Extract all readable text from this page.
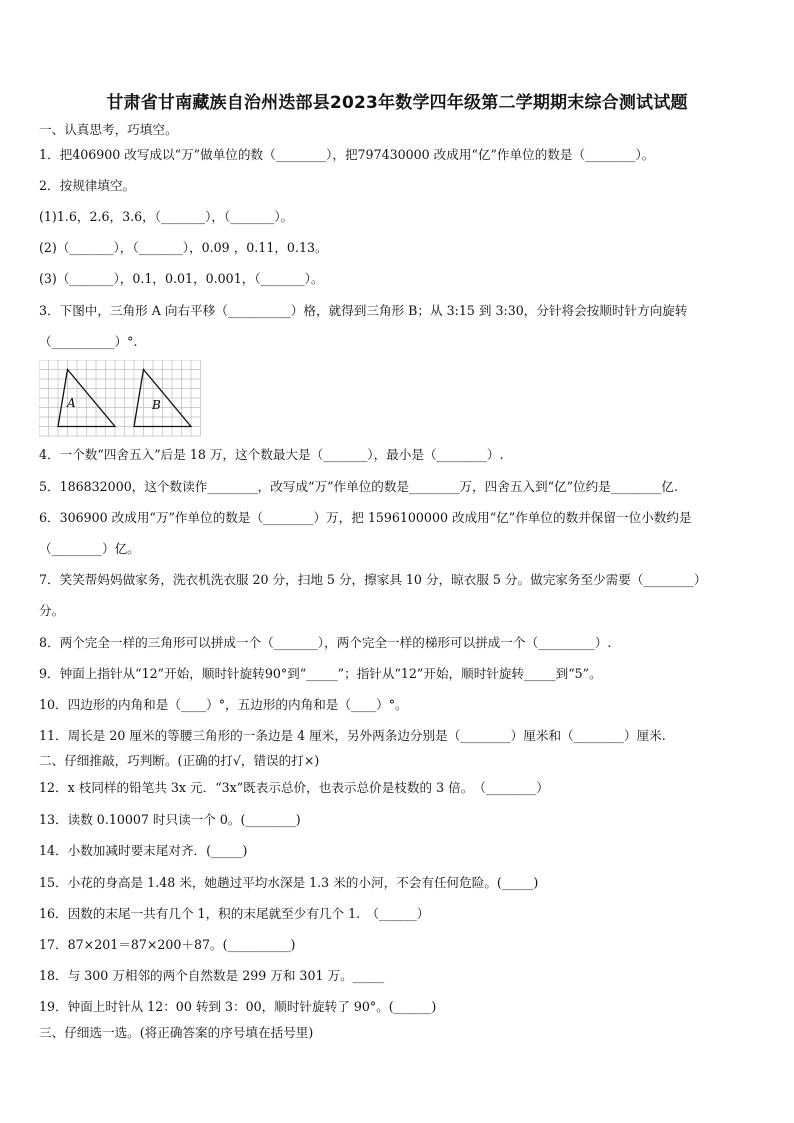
甘肃省甘南藏族自治州迭部县2023年数学四年级第二学期期末综合测试试题
一、认真思考，巧填空。
1．把406900 改写成以“万”做单位的数（________），把797430000 改成用“亿”作单位的数是（________）。
2．按规律填空。
(1)1.6，2.6，3.6，（_______），（_______）。
(2)（_______），（_______），0.09 ，0.11，0.13。
(3)（_______），0.1，0.01，0.001，（_______）。
3．下图中，三角形 A 向右平移（__________）格，就得到三角形 B；从 3:15 到 3:30，分针将会按顺时针方向旋转
（__________）°.
A	B
4．一个数“四舍五入”后是 18 万，这个数最大是（_______），最小是（________）.
5．186832000，这个数读作________，改写成“万”作单位的数是________万，四舍五入到“亿”位约是________亿.
6．306900 改成用“万”作单位的数是（________）万，把 1596100000 改成用“亿”作单位的数并保留一位小数约是
（________）亿。
7．笑笑帮妈妈做家务，洗衣机洗衣服 20 分，扫地 5 分，擦家具 10 分，晾衣服 5 分。做完家务至少需要（________）
分。
8．两个完全一样的三角形可以拼成一个（_______），两个完全一样的梯形可以拼成一个（_________）.
9．钟面上指针从“12”开始，顺时针旋转90°到“_____”；指针从“12”开始，顺时针旋转_____到“5”。
10．四边形的内角和是（____）°，五边形的内角和是（____）°。
11．周长是 20 厘米的等腰三角形的一条边是 4 厘米，另外两条边分别是（________）厘米和（________）厘米.
二、仔细推敲，巧判断。(正确的打√，错误的打×)
12．x 枝同样的铅笔共 3x 元．“3x”既表示总价，也表示总价是枝数的 3 倍。　（________）
13．读数 0.10007 时只读一个 0。(________)
14．小数加减时要末尾对齐．(_____)
15．小花的身高是 1.48 米，她趟过平均水深是 1.3 米的小河，不会有任何危险。(_____)
16．因数的末尾一共有几个 1，积的末尾就至少有几个 1.　（______）
17．87×201＝87×200＋87。(__________)
18．与 300 万相邻的两个自然数是 299 万和 301 万。_____
19．钟面上时针从 12：00 转到 3：00，顺时针旋转了 90°。(______)
三、仔细选一选。(将正确答案的序号填在括号里)
